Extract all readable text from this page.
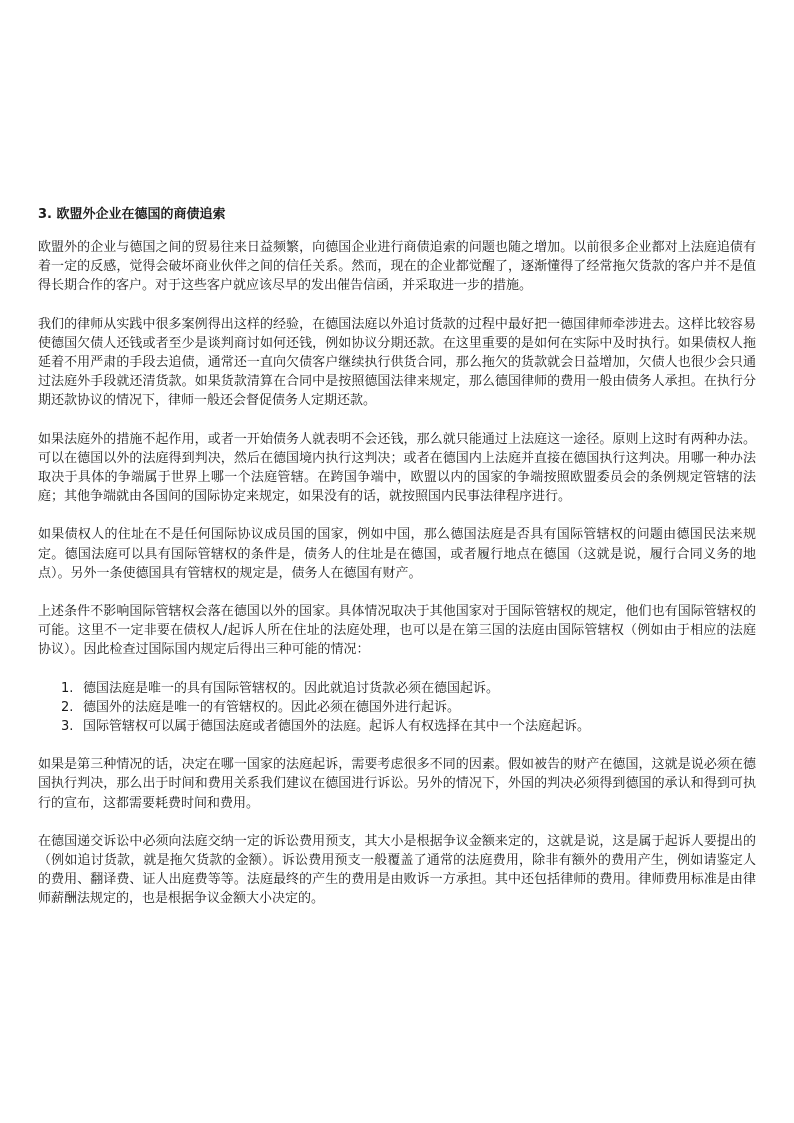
3. 欧盟外企业在德国的商债追索

欧盟外的企业与德国之间的贸易往来日益频繁，向德国企业进行商债追索的问题也随之增加。以前很多企业都对上法庭追债有着一定的反感，觉得会破坏商业伙伴之间的信任关系。然而，现在的企业都觉醒了，逐渐懂得了经常拖欠货款的客户并不是值得长期合作的客户。对于这些客户就应该尽早的发出催告信函，并采取进一步的措施。

我们的律师从实践中很多案例得出这样的经验，在德国法庭以外追讨货款的过程中最好把一德国律师牵涉进去。这样比较容易使德国欠债人还钱或者至少是谈判商讨如何还钱，例如协议分期还款。在这里重要的是如何在实际中及时执行。如果债权人拖延着不用严肃的手段去追债，通常还一直向欠债客户继续执行供货合同，那么拖欠的货款就会日益增加，欠债人也很少会只通过法庭外手段就还清货款。如果货款清算在合同中是按照德国法律来规定，那么德国律师的费用一般由债务人承担。在执行分期还款协议的情况下，律师一般还会督促债务人定期还款。

如果法庭外的措施不起作用，或者一开始债务人就表明不会还钱，那么就只能通过上法庭这一途径。原则上这时有两种办法。可以在德国以外的法庭得到判决，然后在德国境内执行这判决；或者在德国内上法庭并直接在德国执行这判决。用哪一种办法取决于具体的争端属于世界上哪一个法庭管辖。在跨国争端中，欧盟以内的国家的争端按照欧盟委员会的条例规定管辖的法庭；其他争端就由各国间的国际协定来规定，如果没有的话，就按照国内民事法律程序进行。

如果债权人的住址在不是任何国际协议成员国的国家，例如中国，那么德国法庭是否具有国际管辖权的问题由德国民法来规定。德国法庭可以具有国际管辖权的条件是，债务人的住址是在德国，或者履行地点在德国（这就是说，履行合同义务的地点）。另外一条使德国具有管辖权的规定是，债务人在德国有财产。

上述条件不影响国际管辖权会落在德国以外的国家。具体情况取决于其他国家对于国际管辖权的规定，他们也有国际管辖权的可能。这里不一定非要在债权人/起诉人所在住址的法庭处理，也可以是在第三国的法庭由国际管辖权（例如由于相应的法庭协议）。因此检查过国际国内规定后得出三种可能的情况：

1. 德国法庭是唯一的具有国际管辖权的。因此就追讨货款必须在德国起诉。
2. 德国外的法庭是唯一的有管辖权的。因此必须在德国外进行起诉。
3. 国际管辖权可以属于德国法庭或者德国外的法庭。起诉人有权选择在其中一个法庭起诉。

如果是第三种情况的话，决定在哪一国家的法庭起诉，需要考虑很多不同的因素。假如被告的财产在德国，这就是说必须在德国执行判决，那么出于时间和费用关系我们建议在德国进行诉讼。另外的情况下，外国的判决必须得到德国的承认和得到可执行的宣布，这都需要耗费时间和费用。

在德国递交诉讼中必须向法庭交纳一定的诉讼费用预支，其大小是根据争议金额来定的，这就是说，这是属于起诉人要提出的（例如追讨货款，就是拖欠货款的金额）。诉讼费用预支一般覆盖了通常的法庭费用，除非有额外的费用产生，例如请鉴定人的费用、翻译费、证人出庭费等等。法庭最终的产生的费用是由败诉一方承担。其中还包括律师的费用。律师费用标准是由律师薪酬法规定的，也是根据争议金额大小决定的。
